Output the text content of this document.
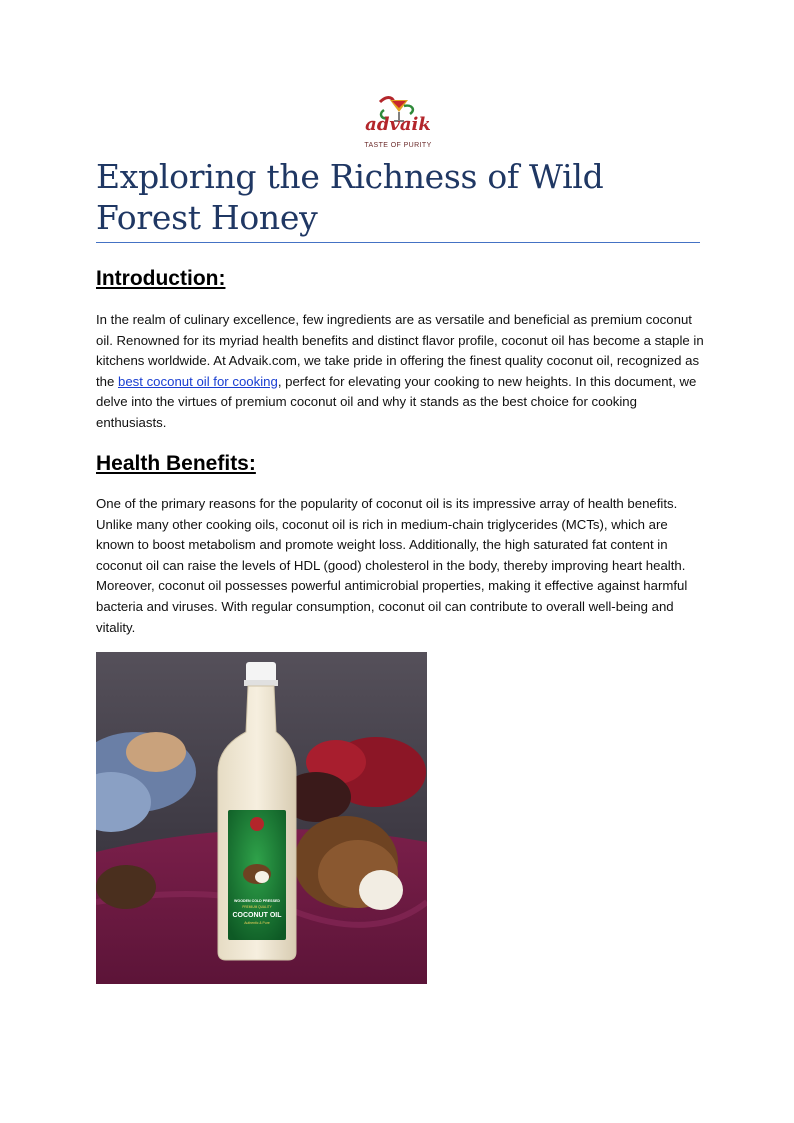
advaik
TASTE OF PURITY
Exploring the Richness of Wild Forest Honey
Introduction:

In the realm of culinary excellence, few ingredients are as versatile and beneficial as premium coconut oil. Renowned for its myriad health benefits and distinct flavor profile, coconut oil has become a staple in kitchens worldwide. At Advaik.com, we take pride in offering the finest quality coconut oil, recognized as the best coconut oil for cooking, perfect for elevating your cooking to new heights. In this document, we delve into the virtues of premium coconut oil and why it stands as the best choice for cooking enthusiasts.

Health Benefits:

One of the primary reasons for the popularity of coconut oil is its impressive array of health benefits. Unlike many other cooking oils, coconut oil is rich in medium-chain triglycerides (MCTs), which are known to boost metabolism and promote weight loss. Additionally, the high saturated fat content in coconut oil can raise the levels of HDL (good) cholesterol in the body, thereby improving heart health. Moreover, coconut oil possesses powerful antimicrobial properties, making it effective against harmful bacteria and viruses. With regular consumption, coconut oil can contribute to overall well-being and vitality.

WOODEN COLD PRESSED
PREMIUM QUALITY
COCONUT OIL
Authentic & Pure
